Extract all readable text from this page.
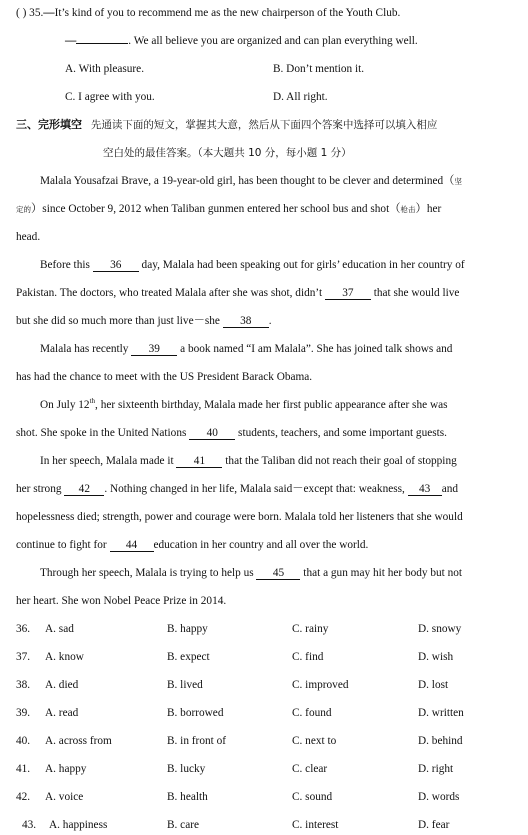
( ) 35.—It’s kind of you to recommend me as the new chairperson of the Youth Club.
—	. We all believe you are organized and can plan everything well.
A. With pleasure.	B. Don’t mention it.
C. I agree with you.	D. All right.
三、完形填空 先通读下面的短文，掌握其大意，然后从下面四个答案中选择可以填入相应
空白处的最佳答案。（本大题共 10 分，每小题 1 分）
Malala Yousafzai Brave, a 19-year-old girl, has been thought to be clever and determined（坚
定的）since October 9, 2012 when Taliban gunmen entered her school bus and shot（枪击）her
head.
Before this 36 day, Malala had been speaking out for girls’ education in her country of
Pakistan. The doctors, who treated Malala after she was shot, didn’t 37 that she would live
but she did so much more than just live－she 38 .
Malala has recently 39 a book named “I am Malala”. She has joined talk shows and
has had the chance to meet with the US President Barack Obama.
On July 12th, her sixteenth birthday, Malala made her first public appearance after she was
shot. She spoke in the United Nations 40 students, teachers, and some important guests.
In her speech, Malala made it 41 that the Taliban did not reach their goal of stopping
her strong 42 . Nothing changed in her life, Malala said－except that: weakness, 43 and
hopelessness died; strength, power and courage were born. Malala told her listeners that she would
continue to fight for 44 education in her country and all over the world.
Through her speech, Malala is trying to help us 45 that a gun may hit her body but not
her heart. She won Nobel Peace Prize in 2014.
36. A. sad	B. happy	C. rainy	D. snowy
37. A. know	B. expect	C. find	D. wish
38. A. died	B. lived	C. improved	D. lost
39. A. read	B. borrowed	C. found	D. written
40. A. across from	B. in front of	C. next to	D. behind
41. A. happy	B. lucky	C. clear	D. right
42. A. voice	B. health	C. sound	D. words
43. A. happiness	B. care	C. interest	D. fear
